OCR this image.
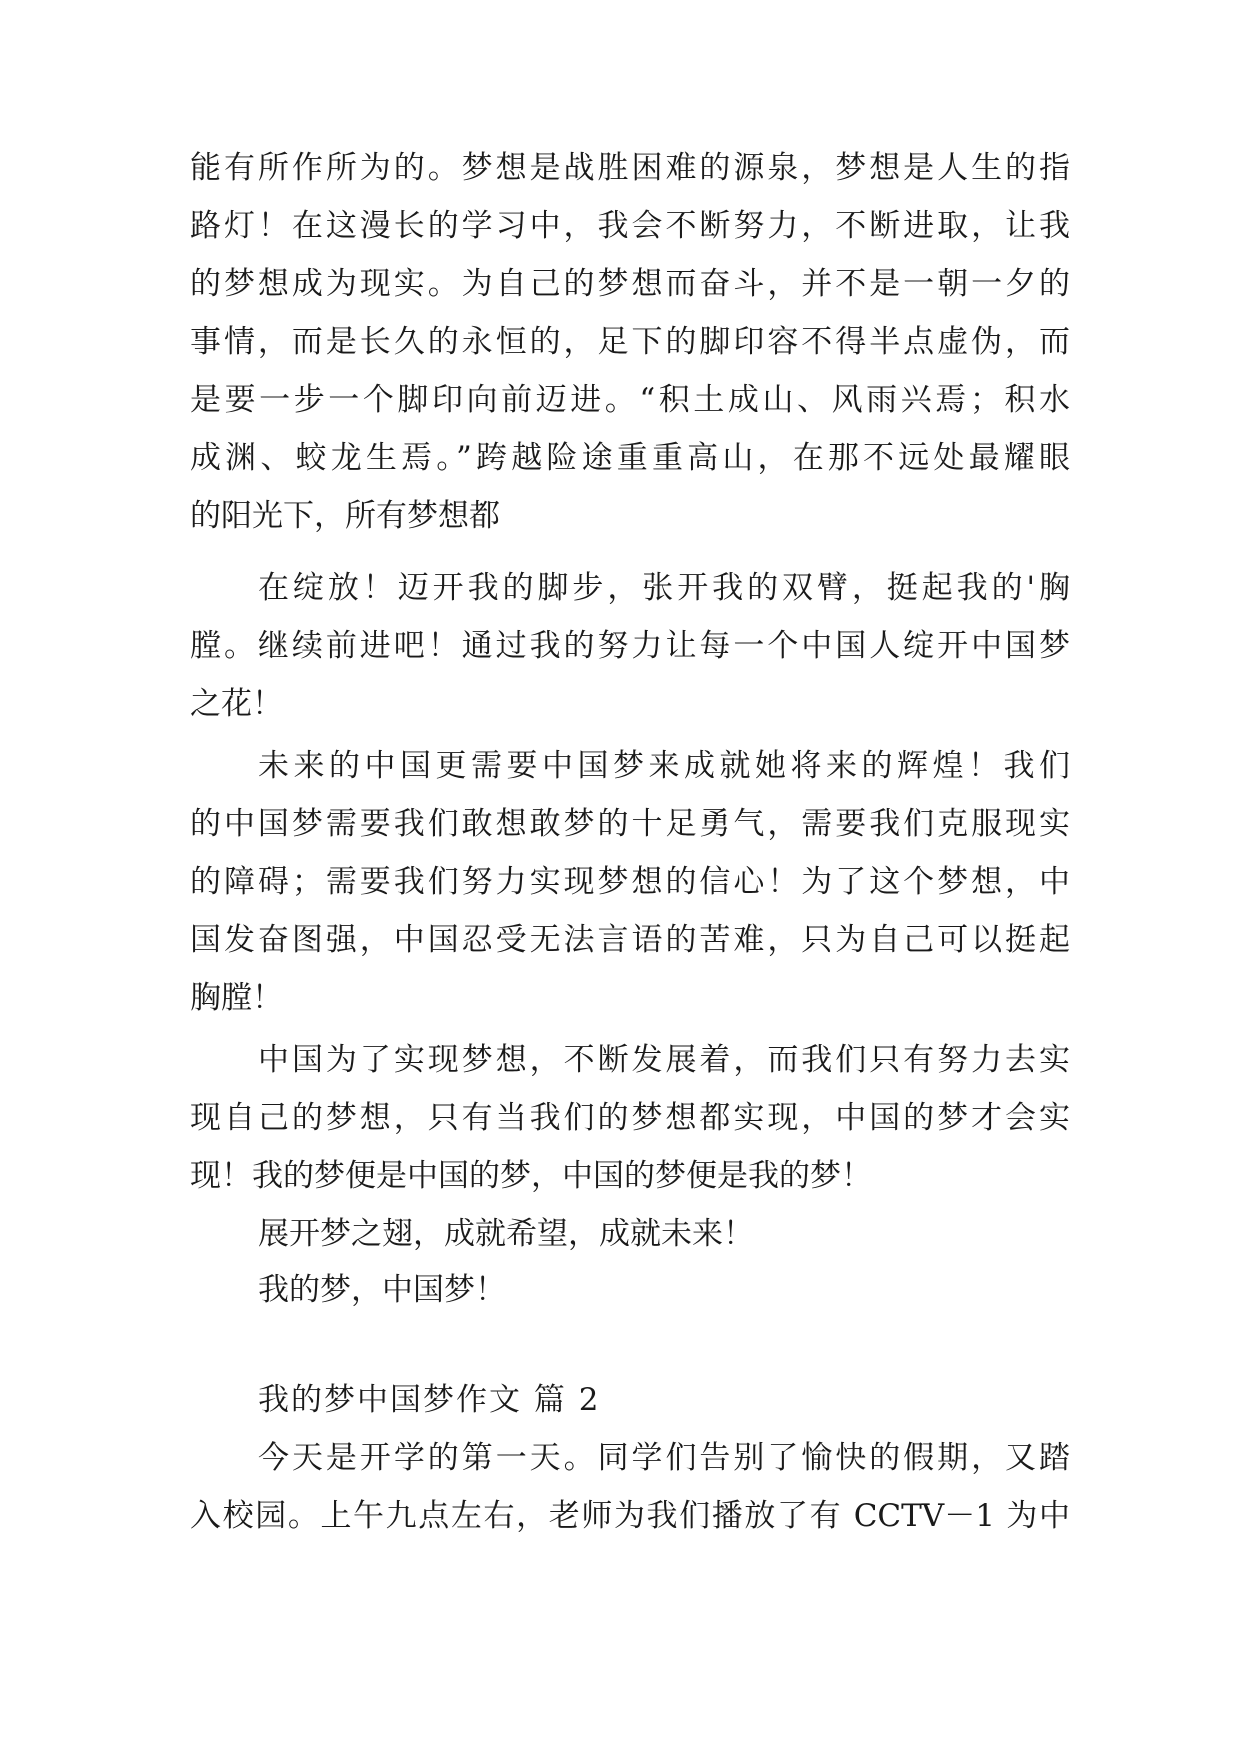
能有所作所为的。梦想是战胜困难的源泉，梦想是人生的指
路灯！在这漫长的学习中，我会不断努力，不断进取，让我
的梦想成为现实。为自己的梦想而奋斗，并不是一朝一夕的
事情，而是长久的永恒的，足下的脚印容不得半点虚伪，而
是要一步一个脚印向前迈进。“积土成山、风雨兴焉；积水
成渊、蛟龙生焉。”跨越险途重重高山，在那不远处最耀眼
的阳光下，所有梦想都
在绽放！迈开我的脚步，张开我的双臂，挺起我的'胸
膛。继续前进吧！通过我的努力让每一个中国人绽开中国梦
之花！
未来的中国更需要中国梦来成就她将来的辉煌！我们
的中国梦需要我们敢想敢梦的十足勇气，需要我们克服现实
的障碍；需要我们努力实现梦想的信心！为了这个梦想，中
国发奋图强，中国忍受无法言语的苦难，只为自己可以挺起
胸膛！
中国为了实现梦想，不断发展着，而我们只有努力去实
现自己的梦想，只有当我们的梦想都实现，中国的梦才会实
现！我的梦便是中国的梦，中国的梦便是我的梦！
展开梦之翅，成就希望，成就未来！
我的梦，中国梦！
我的梦中国梦作文 篇 2
今天是开学的第一天。同学们告别了愉快的假期，又踏
入校园。上午九点左右，老师为我们播放了有 CCTV－1 为中
